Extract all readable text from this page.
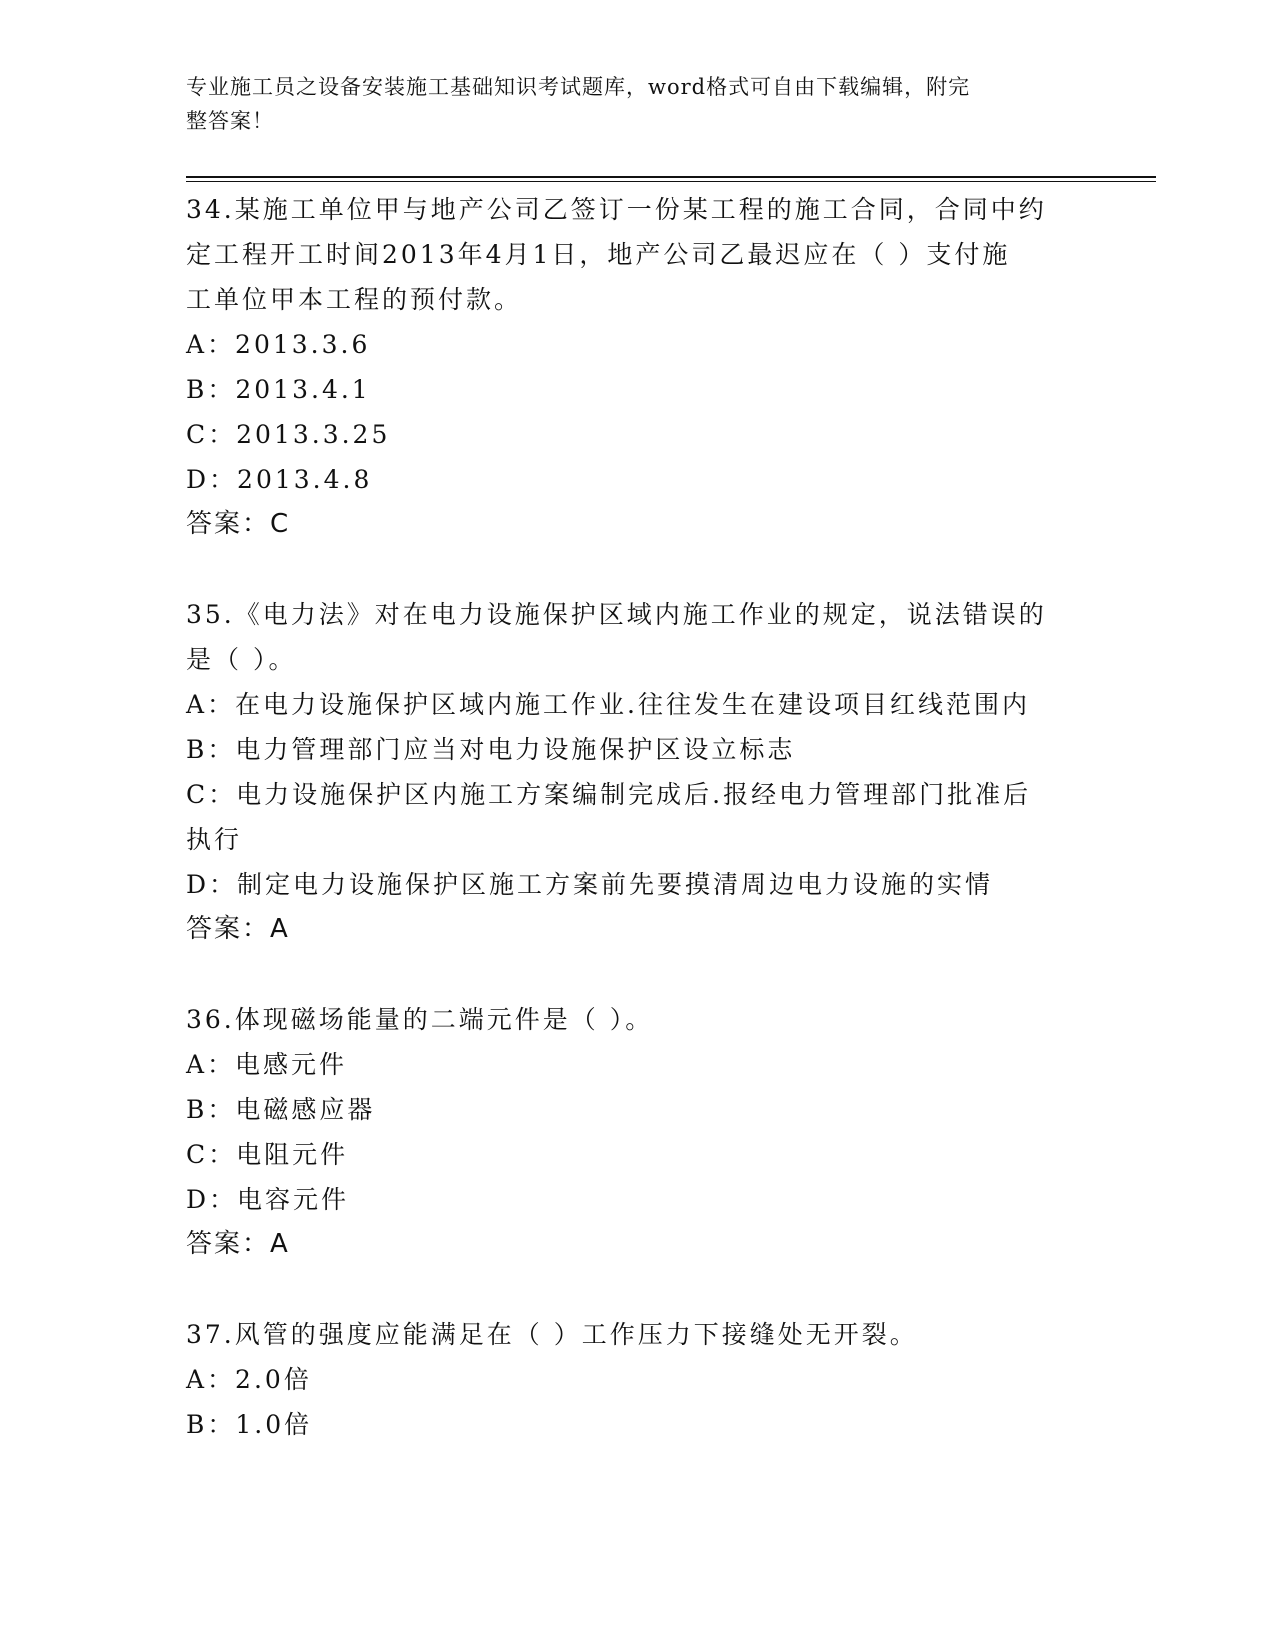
专业施工员之设备安装施工基础知识考试题库，word格式可自由下载编辑，附完
整答案！

34.某施工单位甲与地产公司乙签订一份某工程的施工合同，合同中约

定工程开工时间2013年4月1日，地产公司乙最迟应在（ ）支付施

工单位甲本工程的预付款。

A：2013.3.6

B：2013.4.1

C：2013.3.25

D：2013.4.8

答案：C

35.《电力法》对在电力设施保护区域内施工作业的规定，说法错误的

是（ ）。

A：在电力设施保护区域内施工作业.往往发生在建设项目红线范围内

B：电力管理部门应当对电力设施保护区设立标志

C：电力设施保护区内施工方案编制完成后.报经电力管理部门批准后

执行

D：制定电力设施保护区施工方案前先要摸清周边电力设施的实情

答案：A

36.体现磁场能量的二端元件是（ ）。

A：电感元件

B：电磁感应器

C：电阻元件

D：电容元件

答案：A

37.风管的强度应能满足在（ ）工作压力下接缝处无开裂。

A：2.0倍

B：1.0倍
